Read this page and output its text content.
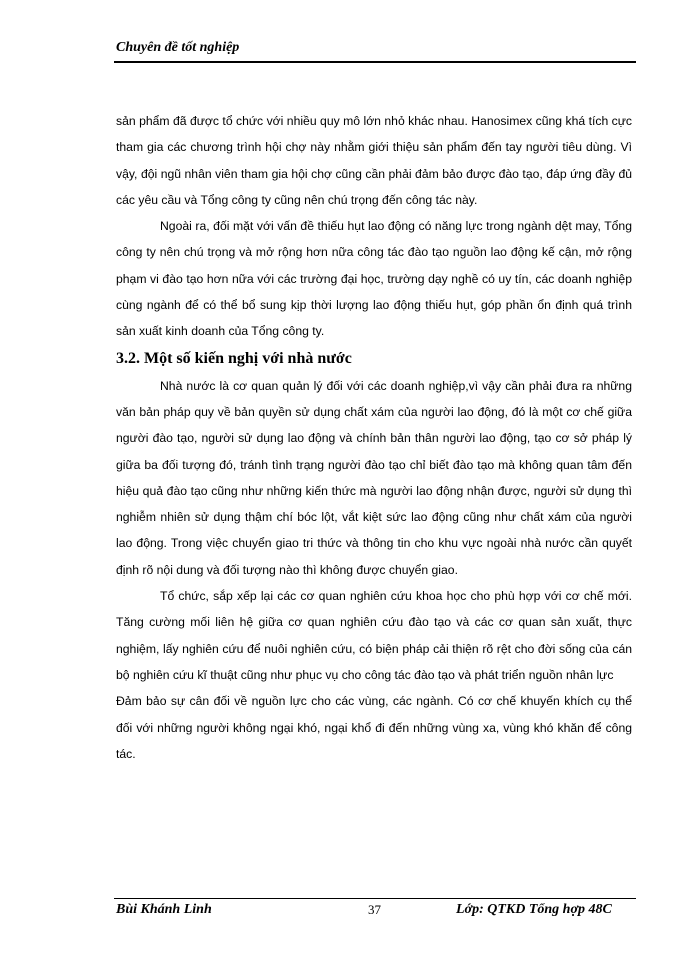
Chuyên đề tốt nghiệp

sản phẩm đã được tổ chức với nhiều quy mô lớn nhỏ khác nhau. Hanosimex cũng khá tích cực tham gia các chương trình hội chợ này nhằm giới thiệu sản phẩm đến tay người tiêu dùng. Vì vậy, đội ngũ nhân viên tham gia hội chợ cũng cần phải đảm bảo được đào tạo, đáp ứng đầy đủ các yêu cầu và Tổng công ty cũng nên chú trọng đến công tác này.

Ngoài ra, đối mặt với vấn đề thiếu hụt lao động có năng lực trong ngành dệt may, Tổng công ty nên chú trọng và mở rộng hơn nữa công tác đào tạo nguồn lao động kế cận, mở rộng phạm vi đào tạo hơn nữa với các trường đại học, trường dạy nghề có uy tín, các doanh nghiệp cùng ngành để có thể bổ sung kịp thời lượng lao động thiếu hụt, góp phần ổn định quá trình sản xuất kinh doanh của Tổng công ty.

3.2. Một số kiến nghị với nhà nước

Nhà nước là cơ quan quản lý đối với các doanh nghiệp,vì vậy cần phải đưa ra những văn bản pháp quy về bản quyền sử dụng chất xám của người lao động, đó là một cơ chế giữa người đào tạo, người sử dụng lao động và chính bản thân người lao động, tạo cơ sở pháp lý giữa ba đối tượng đó, tránh tình trạng người đào tạo chỉ biết đào tạo mà không quan tâm đến hiệu quả đào tạo cũng như những kiến thức mà người lao động nhận được, người sử dụng thì nghiễm nhiên sử dụng thậm chí bóc lột, vắt kiệt sức lao động cũng như chất xám của người lao động. Trong việc chuyển giao tri thức và thông tin cho khu vực ngoài nhà nước cần quyết định rõ nội dung và đối tượng nào thì không được chuyển giao.

Tổ chức, sắp xếp lại các cơ quan nghiên cứu khoa học cho phù hợp với cơ chế mới. Tăng cường mối liên hệ giữa cơ quan nghiên cứu đào tạo và các cơ quan sản xuất, thực nghiệm, lấy nghiên cứu để nuôi nghiên cứu, có biện pháp cải thiện rõ rệt cho đời sống của cán bộ nghiên cứu kĩ thuật cũng như phục vụ cho công tác đào tạo và phát triển nguồn nhân lực

Đảm bảo sự cân đối về nguồn lực cho các vùng, các ngành. Có cơ chế khuyến khích cụ thể đối với những người không ngại khó, ngại khổ đi đến những vùng xa, vùng khó khăn để công tác.

Bùi Khánh Linh	37	Lớp: QTKD Tổng hợp 48C
